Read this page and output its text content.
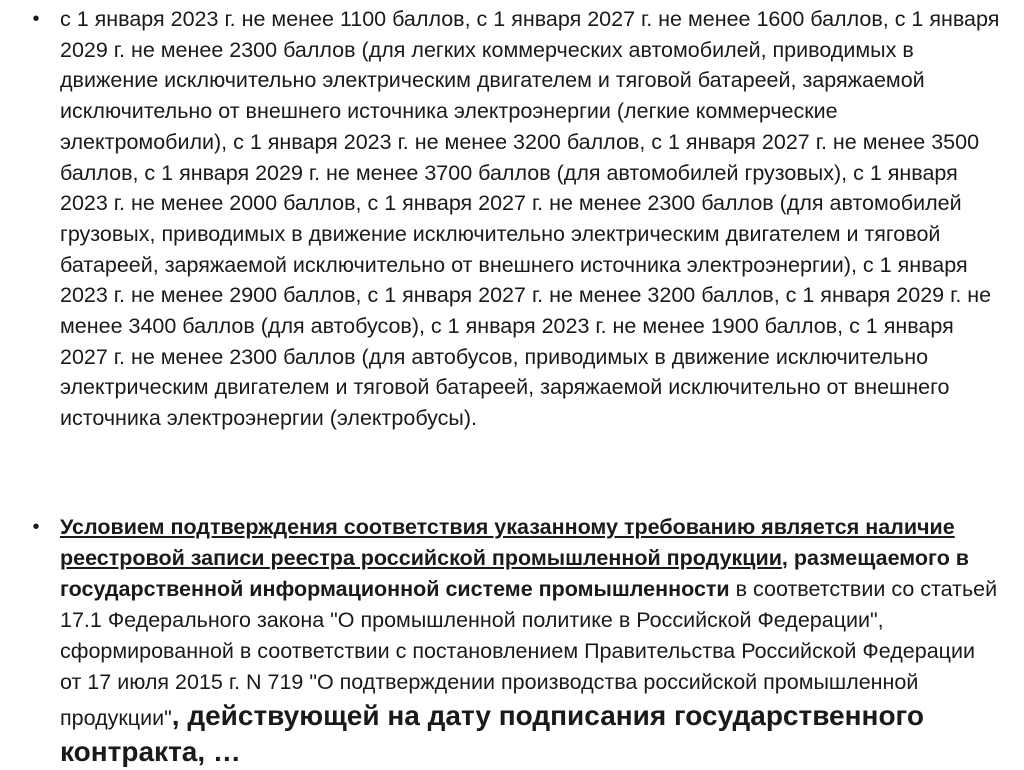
• с 1 января 2023 г. не менее 1100 баллов, с 1 января 2027 г. не менее 1600 баллов, с 1 января 2029 г. не менее 2300 баллов (для легких коммерческих автомобилей, приводимых в движение исключительно электрическим двигателем и тяговой батареей, заряжаемой исключительно от внешнего источника электроэнергии (легкие коммерческие электромобили), с 1 января 2023 г. не менее 3200 баллов, с 1 января 2027 г. не менее 3500 баллов, с 1 января 2029 г. не менее 3700 баллов (для автомобилей грузовых), с 1 января 2023 г. не менее 2000 баллов, с 1 января 2027 г. не менее 2300 баллов (для автомобилей грузовых, приводимых в движение исключительно электрическим двигателем и тяговой батареей, заряжаемой исключительно от внешнего источника электроэнергии), с 1 января 2023 г. не менее 2900 баллов, с 1 января 2027 г. не менее 3200 баллов, с 1 января 2029 г. не менее 3400 баллов (для автобусов), с 1 января 2023 г. не менее 1900 баллов, с 1 января 2027 г. не менее 2300 баллов (для автобусов, приводимых в движение исключительно электрическим двигателем и тяговой батареей, заряжаемой исключительно от внешнего источника электроэнергии (электробусы).
• Условием подтверждения соответствия указанному требованию является наличие реестровой записи реестра российской промышленной продукции, размещаемого в государственной информационной системе промышленности в соответствии со статьей 17.1 Федерального закона "О промышленной политике в Российской Федерации", сформированной в соответствии с постановлением Правительства Российской Федерации от 17 июля 2015 г. N 719 "О подтверждении производства российской промышленной продукции", действующей на дату подписания государственного контракта, …
